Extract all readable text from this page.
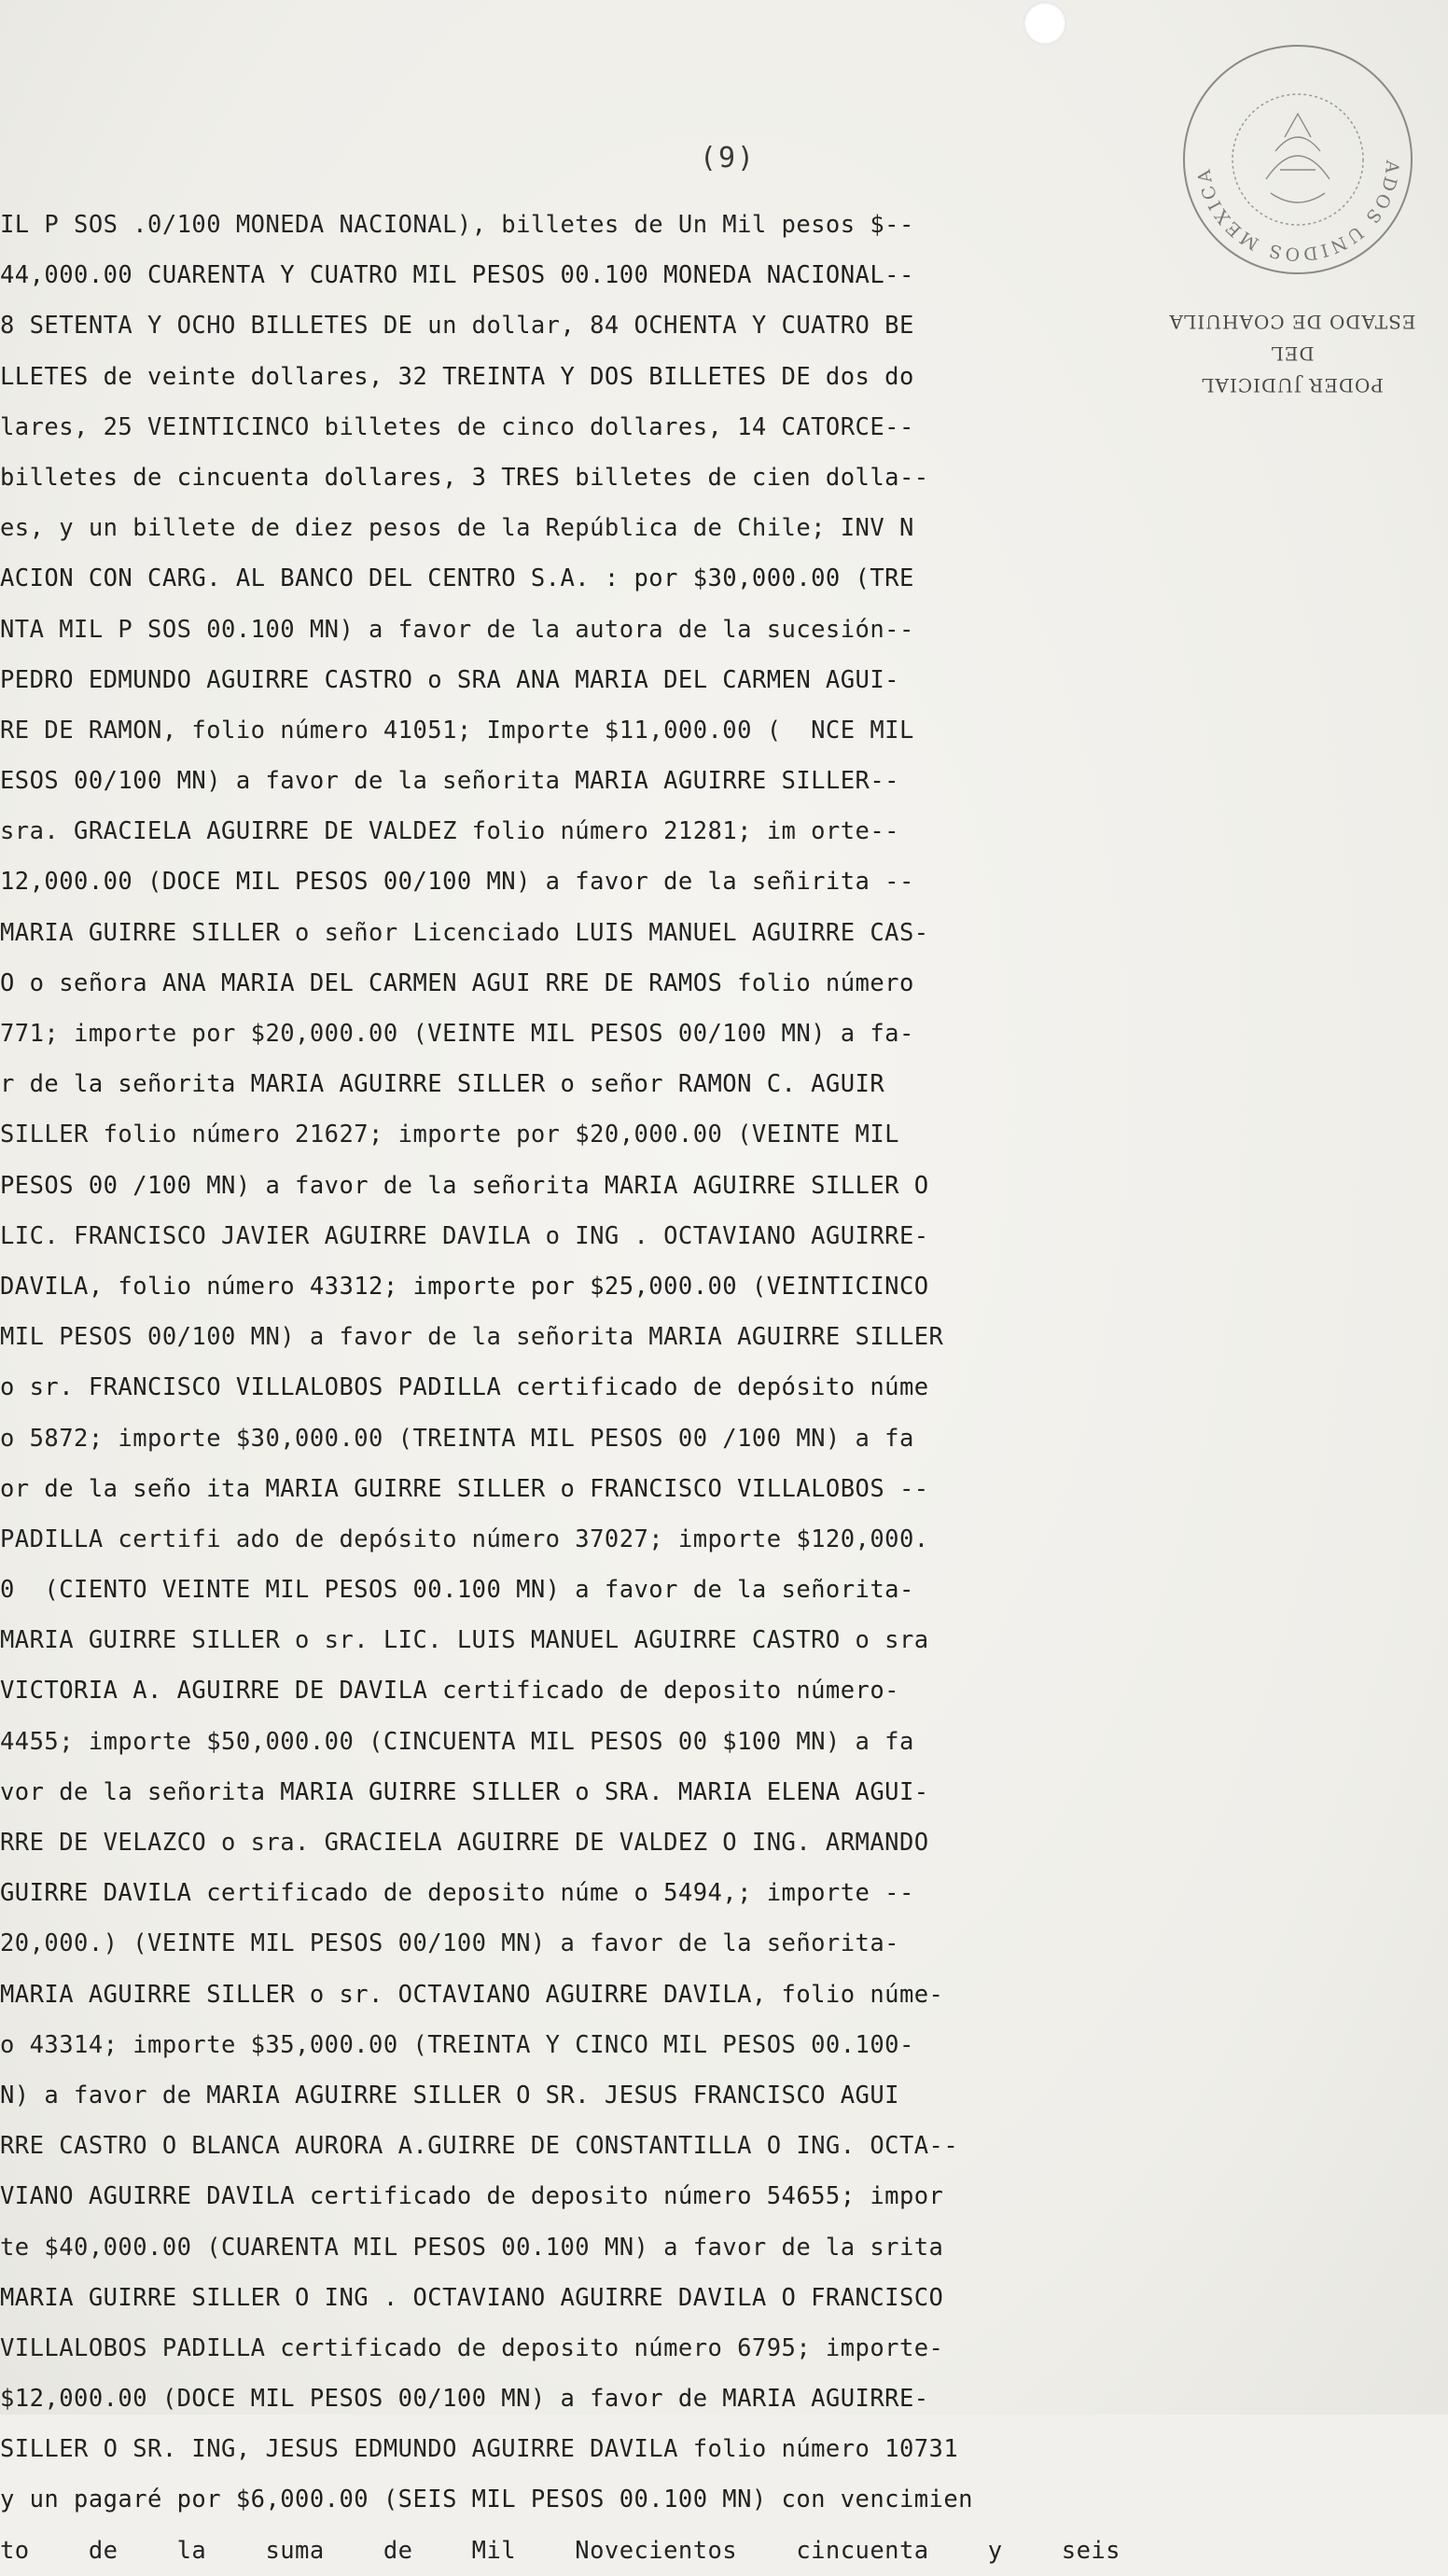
ADOS UNIDOS MEXICA
PODER JUDICIAL
DEL
ESTADO DE COAHUILA
(9)
IL P SOS .0/100 MONEDA NACIONAL), billetes de Un Mil pesos $--
44,000.00 CUARENTA Y CUATRO MIL PESOS 00.100 MONEDA NACIONAL--
8 SETENTA Y OCHO BILLETES DE un dollar, 84 OCHENTA Y CUATRO BE
LLETES de veinte dollares, 32 TREINTA Y DOS BILLETES DE dos do
lares, 25 VEINTICINCO billetes de cinco dollares, 14 CATORCE--
billetes de cincuenta dollares, 3 TRES billetes de cien dolla--
es, y un billete de diez pesos de la República de Chile; INV N
ACION CON CARG. AL BANCO DEL CENTRO S.A. : por $30,000.00 (TRE
NTA MIL P SOS 00.100 MN) a favor de la autora de la sucesión--
PEDRO EDMUNDO AGUIRRE CASTRO o SRA ANA MARIA DEL CARMEN AGUI-
RE DE RAMON, folio número 41051; Importe $11,000.00 (  NCE MIL
ESOS 00/100 MN) a favor de la señorita MARIA AGUIRRE SILLER--
sra. GRACIELA AGUIRRE DE VALDEZ folio número 21281; im orte--
12,000.00 (DOCE MIL PESOS 00/100 MN) a favor de la señirita --
MARIA GUIRRE SILLER o señor Licenciado LUIS MANUEL AGUIRRE CAS-
O o señora ANA MARIA DEL CARMEN AGUI RRE DE RAMOS folio número
771; importe por $20,000.00 (VEINTE MIL PESOS 00/100 MN) a fa-
r de la señorita MARIA AGUIRRE SILLER o señor RAMON C. AGUIR
SILLER folio número 21627; importe por $20,000.00 (VEINTE MIL
PESOS 00 /100 MN) a favor de la señorita MARIA AGUIRRE SILLER O
LIC. FRANCISCO JAVIER AGUIRRE DAVILA o ING . OCTAVIANO AGUIRRE-
DAVILA, folio número 43312; importe por $25,000.00 (VEINTICINCO
MIL PESOS 00/100 MN) a favor de la señorita MARIA AGUIRRE SILLER
o sr. FRANCISCO VILLALOBOS PADILLA certificado de depósito núme
o 5872; importe $30,000.00 (TREINTA MIL PESOS 00 /100 MN) a fa
or de la seño ita MARIA GUIRRE SILLER o FRANCISCO VILLALOBOS --
PADILLA certifi ado de depósito número 37027; importe $120,000.
0  (CIENTO VEINTE MIL PESOS 00.100 MN) a favor de la señorita-
MARIA GUIRRE SILLER o sr. LIC. LUIS MANUEL AGUIRRE CASTRO o sra
VICTORIA A. AGUIRRE DE DAVILA certificado de deposito número-
4455; importe $50,000.00 (CINCUENTA MIL PESOS 00 $100 MN) a fa
vor de la señorita MARIA GUIRRE SILLER o SRA. MARIA ELENA AGUI-
RRE DE VELAZCO o sra. GRACIELA AGUIRRE DE VALDEZ O ING. ARMANDO
GUIRRE DAVILA certificado de deposito núme o 5494,; importe --
20,000.) (VEINTE MIL PESOS 00/100 MN) a favor de la señorita-
MARIA AGUIRRE SILLER o sr. OCTAVIANO AGUIRRE DAVILA, folio núme-
o 43314; importe $35,000.00 (TREINTA Y CINCO MIL PESOS 00.100-
N) a favor de MARIA AGUIRRE SILLER O SR. JESUS FRANCISCO AGUI
RRE CASTRO O BLANCA AURORA A.GUIRRE DE CONSTANTILLA O ING. OCTA--
VIANO AGUIRRE DAVILA certificado de deposito número 54655; impor
te $40,000.00 (CUARENTA MIL PESOS 00.100 MN) a favor de la srita
MARIA GUIRRE SILLER O ING . OCTAVIANO AGUIRRE DAVILA O FRANCISCO
VILLALOBOS PADILLA certificado de deposito número 6795; importe-
$12,000.00 (DOCE MIL PESOS 00/100 MN) a favor de MARIA AGUIRRE-
SILLER O SR. ING, JESUS EDMUNDO AGUIRRE DAVILA folio número 10731
y un pagaré por $6,000.00 (SEIS MIL PESOS 00.100 MN) con vencimien
to    de    la    suma    de    Mil    Novecientos    cincuenta    y    seis
